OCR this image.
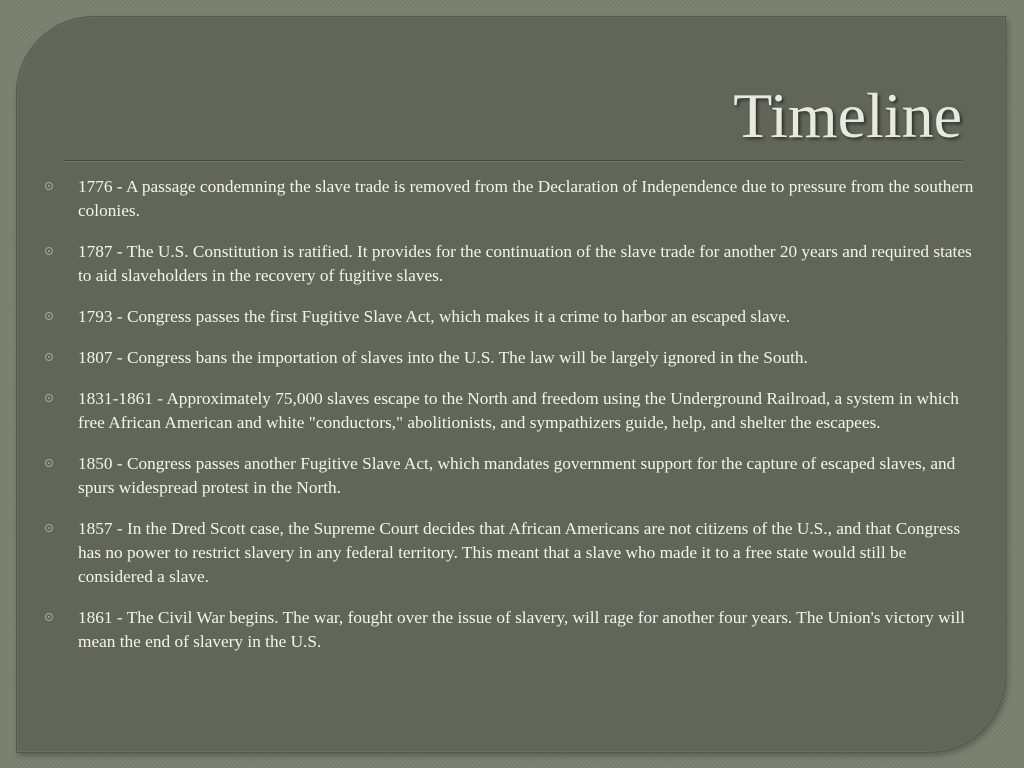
Timeline
1776 - A passage condemning the slave trade is removed from the Declaration of Independence due to pressure from the southern colonies.
1787 - The U.S. Constitution is ratified. It provides for the continuation of the slave trade for another 20 years and required states to aid slaveholders in the recovery of fugitive slaves.
1793 - Congress passes the first Fugitive Slave Act, which makes it a crime to harbor an escaped slave.
1807 - Congress bans the importation of slaves into the U.S. The law will be largely ignored in the South.
1831-1861 - Approximately 75,000 slaves escape to the North and freedom using the Underground Railroad, a system in which free African American and white "conductors," abolitionists, and sympathizers guide, help, and shelter the escapees.
1850 - Congress passes another Fugitive Slave Act, which mandates government support for the capture of escaped slaves, and spurs widespread protest in the North.
1857 - In the Dred Scott case, the Supreme Court decides that African Americans are not citizens of the U.S., and that Congress has no power to restrict slavery in any federal territory. This meant that a slave who made it to a free state would still be considered a slave.
1861 - The Civil War begins. The war, fought over the issue of slavery, will rage for another four years. The Union's victory will mean the end of slavery in the U.S.
